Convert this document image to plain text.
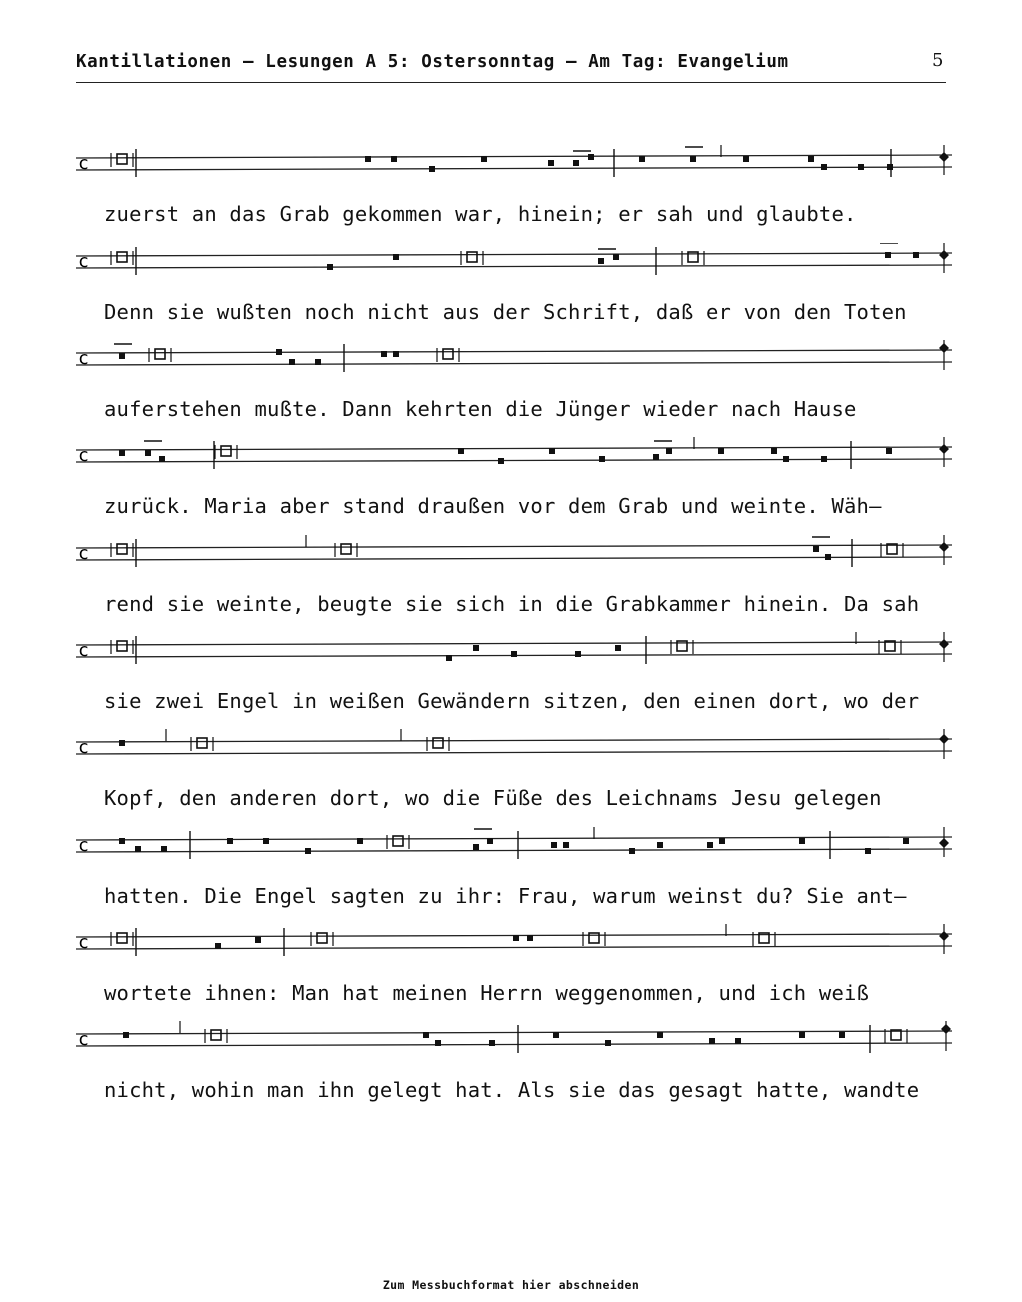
Kantillationen – Lesungen A 5: Ostersonntag – Am Tag: Evangelium	5
c
zuerst an das Grab gekommen war, hinein; er sah und glaubte.
c
Denn sie wußten noch nicht aus der Schrift, daß er von den Toten
c
auferstehen mußte. Dann kehrten die Jünger wieder nach Hause
c
zurück. Maria aber stand draußen vor dem Grab und weinte. Wäh–
c
rend sie weinte, beugte sie sich in die Grabkammer hinein. Da sah
c
sie zwei Engel in weißen Gewändern sitzen, den einen dort, wo der
c
Kopf, den anderen dort, wo die Füße des Leichnams Jesu gelegen
c
hatten. Die Engel sagten zu ihr: Frau, warum weinst du? Sie ant–
c
wortete ihnen: Man hat meinen Herrn weggenommen, und ich weiß
c
nicht, wohin man ihn gelegt hat. Als sie das gesagt hatte, wandte
Zum Messbuchformat hier abschneiden
